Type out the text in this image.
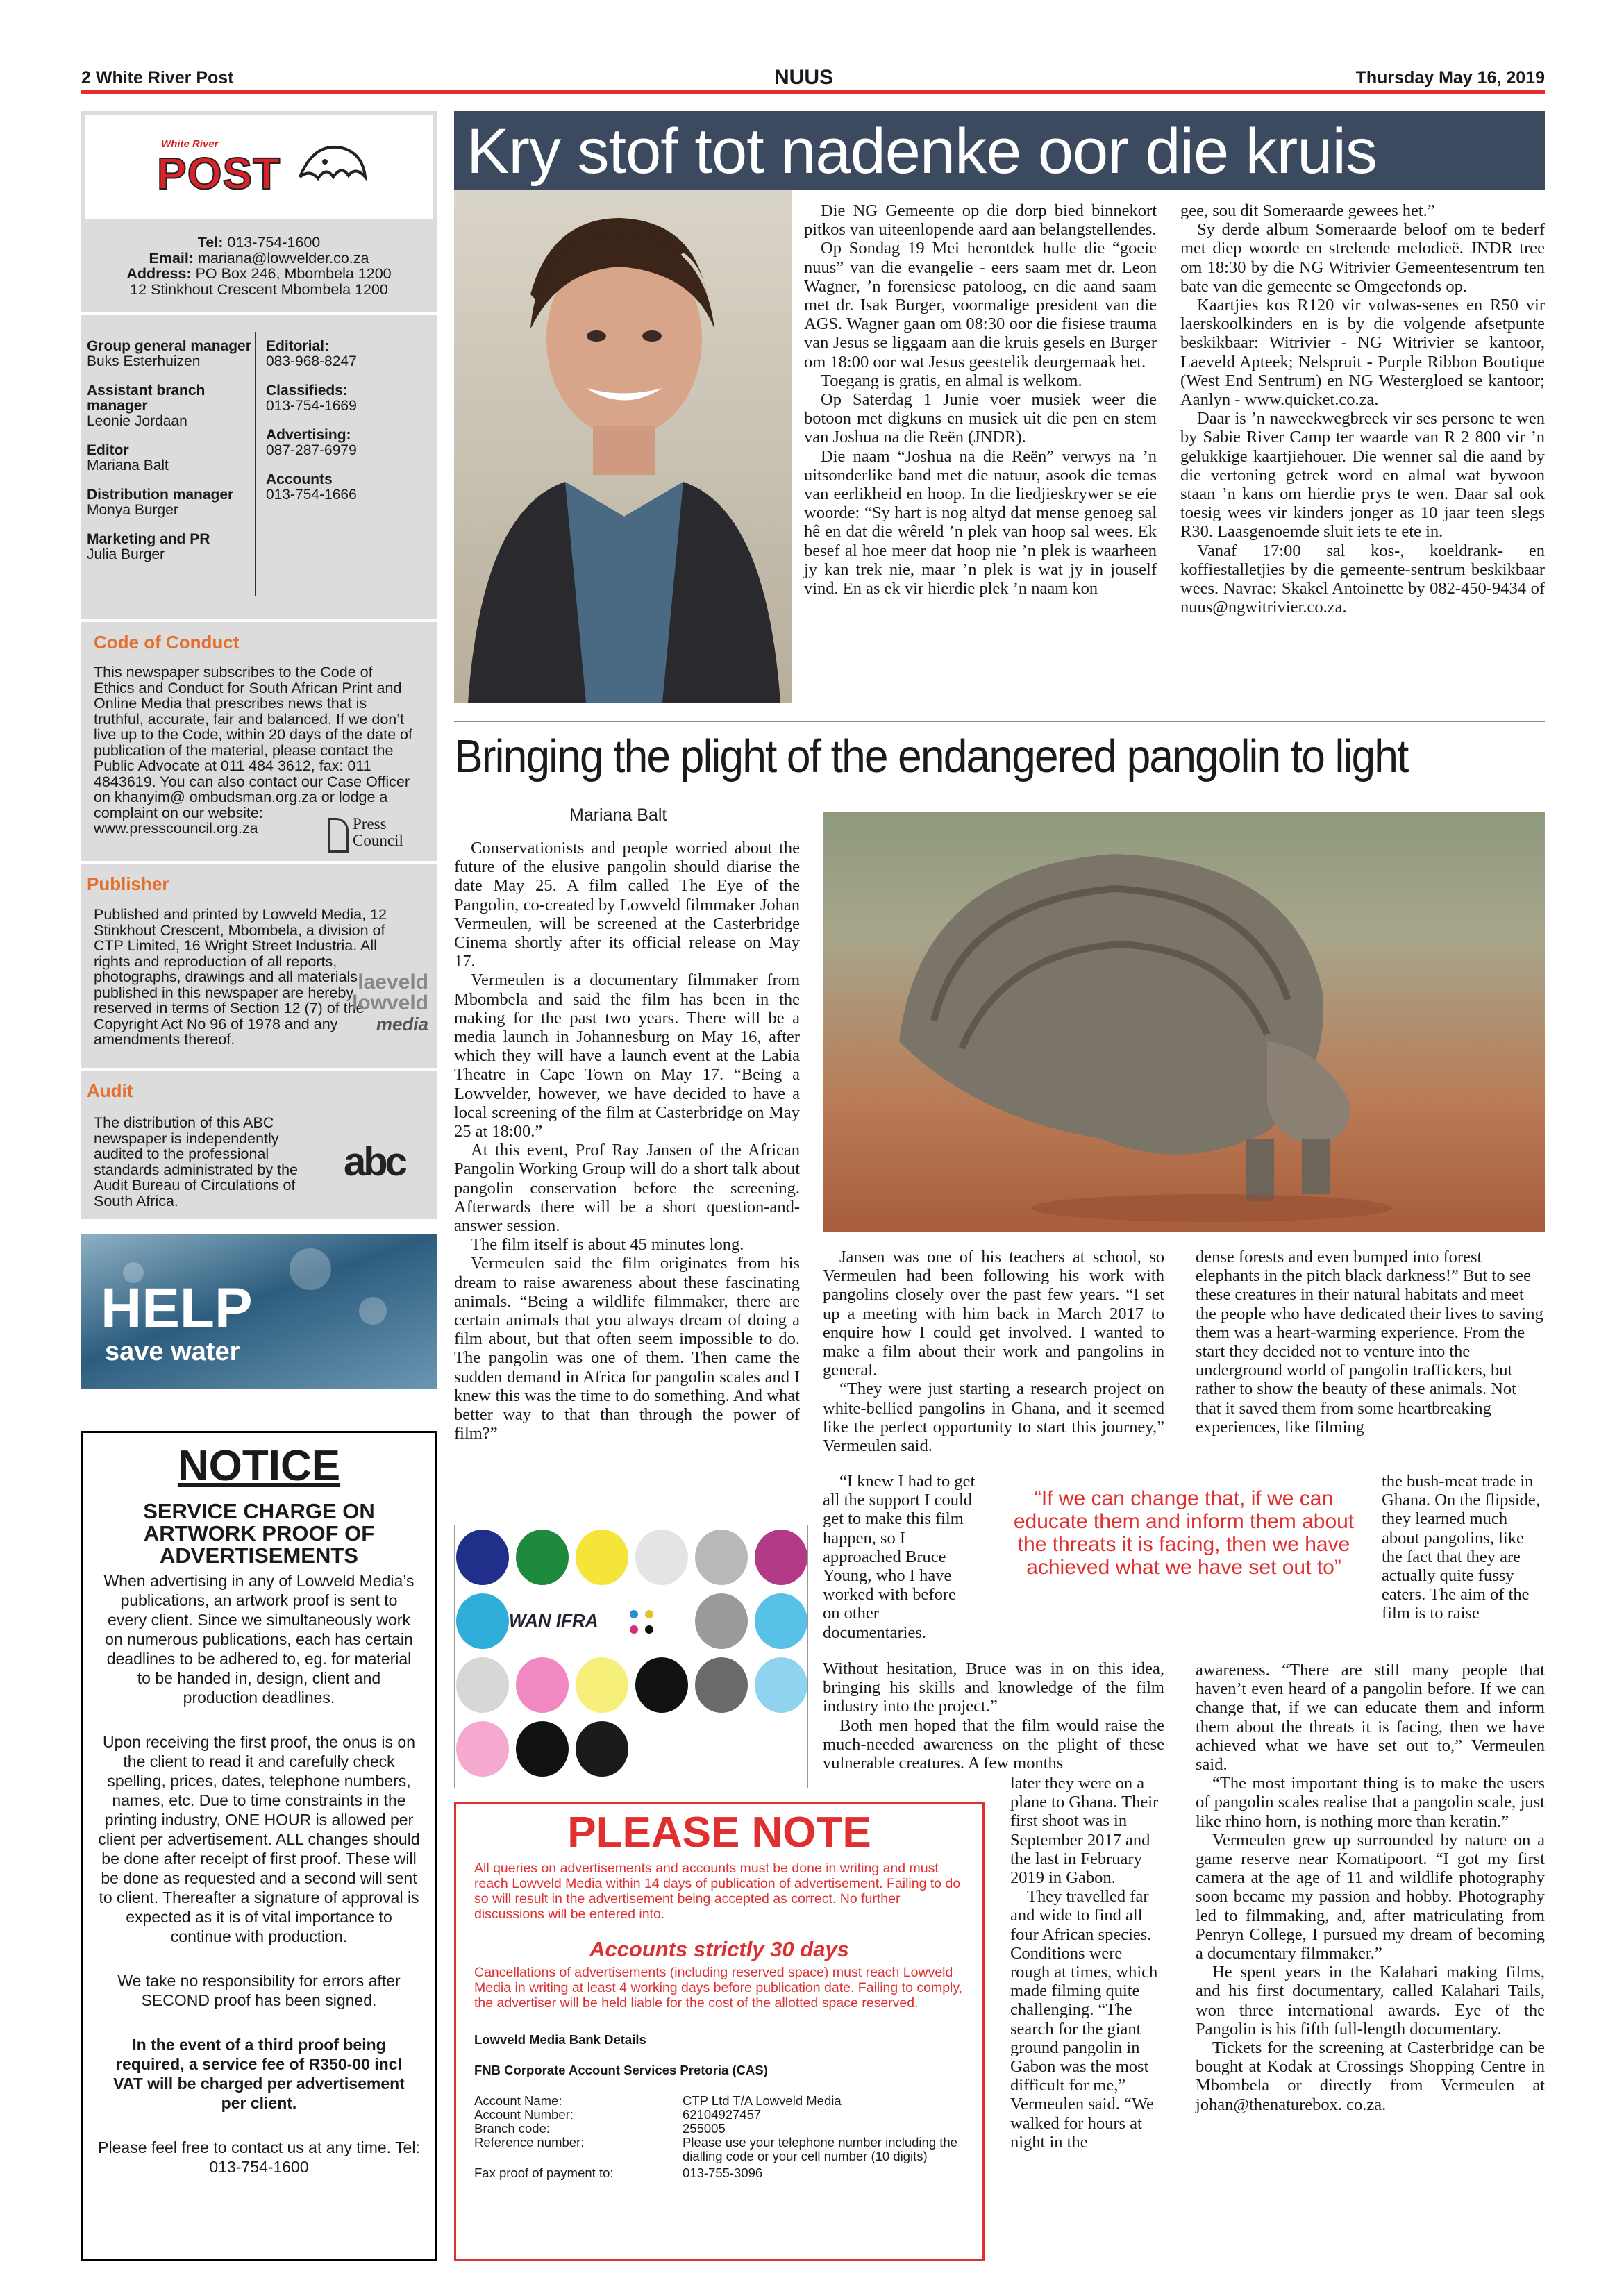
2 White River Post	NUUS	Thursday May 16, 2019
White River
POST

Tel: 013-754-1600

Email: mariana@lowvelder.co.za

Address: PO Box 246, Mbombela 1200

12 Stinkhout Crescent Mbombela 1200

Group general manager
Buks Esterhuizen
Assistant branch manager
Leonie Jordaan
Editor
Mariana Balt
Distribution manager
Monya Burger
Marketing and PR
Julia Burger
Editorial:
083-968-8247
Classifieds:
013-754-1669
Advertising:
087-287-6979
Accounts
013-754-1666
Code of Conduct

This newspaper subscribes to the Code of Ethics and Conduct for South African Print and Online Media that prescribes news that is truthful, accurate, fair and balanced. If we don’t live up to the Code, within 20 days of the date of publication of the material, please contact the Public Advocate at 011 484 3612, fax: 011 4843619. You can also contact our Case Officer on khanyim@ ombudsman.org.za or lodge a complaint on our website: www.presscouncil.org.za	Press
Council
Publisher

Published and printed by Lowveld Media, 12 Stinkhout Crescent, Mbombela, a division of CTP Limited, 16 Wright Street Industria. All rights and reproduction of all reports, photographs, drawings and all materials published in this newspaper are hereby reserved in terms of Section 12 (7) of the Copyright Act No 96 of 1978 and any amendments thereof.

laeveld
lowveld
media
Audit

The distribution of this ABC newspaper is independently audited to the professional standards administrated by the Audit Bureau of Circulations of South Africa.

abc
HELP
save water
NOTICE
SERVICE CHARGE ON ARTWORK PROOF OF ADVERTISEMENTS

When advertising in any of Lowveld Media’s publications, an artwork proof is sent to every client. Since we simultaneously work on numerous publications, each has certain deadlines to be adhered to, eg. for material to be handed in, design, client and production deadlines.

Upon receiving the first proof, the onus is on the client to read it and carefully check spelling, prices, dates, telephone numbers, names, etc. Due to time constraints in the printing industry, ONE HOUR is allowed per client per advertisement. ALL changes should be done after receipt of first proof. These will be done as requested and a second will sent to client. Thereafter a signature of approval is expected as it is of vital importance to continue with production.

We take no responsibility for errors after SECOND proof has been signed.

In the event of a third proof being required, a service fee of R350-00 incl VAT will be charged per advertisement per client.

Please feel free to contact us at any time. Tel: 013-754-1600

Kry stof tot nadenke oor die kruis

Die NG Gemeente op die dorp bied binnekort pitkos van uiteenlopende aard aan belangstellendes.

Op Sondag 19 Mei herontdek hulle die “goeie nuus” van die evangelie - eers saam met dr. Leon Wagner, ’n forensiese patoloog, en die aand saam met dr. Isak Burger, voormalige president van die AGS. Wagner gaan om 08:30 oor die fisiese trauma van Jesus se liggaam aan die kruis gesels en Burger om 18:00 oor wat Jesus geestelik deurgemaak het.

Toegang is gratis, en almal is welkom.

Op Saterdag 1 Junie voer musiek weer die botoon met digkuns en musiek uit die pen en stem van Joshua na die Reën (JNDR).

Die naam “Joshua na die Reën” verwys na ’n uitsonderlike band met die natuur, asook die temas van eerlikheid en hoop. In die liedjieskrywer se eie woorde: “Sy hart is nog altyd dat mense genoeg sal hê en dat die wêreld ’n plek van hoop sal wees. Ek besef al hoe meer dat hoop nie ’n plek is waarheen jy kan trek nie, maar ’n plek is wat jy in jouself vind. En as ek vir hierdie plek ’n naam kon

gee, sou dit Someraarde gewees het.”

Sy derde album Someraarde beloof om te bederf met diep woorde en strelende melodieë. JNDR tree om 18:30 by die NG Witrivier Gemeentesentrum ten bate van die gemeente se Omgeefonds op.

Kaartjies kos R120 vir volwas-senes en R50 vir laerskoolkinders en is by die volgende afsetpunte beskikbaar: Witrivier - NG Witrivier se kantoor, Laeveld Apteek; Nelspruit - Purple Ribbon Boutique (West End Sentrum) en NG Westergloed se kantoor; Aanlyn - www.quicket.co.za.

Daar is ’n naweekwegbreek vir ses persone te wen by Sabie River Camp ter waarde van R 2 800 vir ’n gelukkige kaartjiehouer. Die wenner sal die aand by die vertoning getrek word en almal wat bywoon staan ’n kans om hierdie prys te wen. Daar sal ook toesig wees vir kinders jonger as 10 jaar teen slegs R30. Laasgenoemde sluit iets te ete in.

Vanaf 17:00 sal kos-, koeldrank- en koffiestalletjies by die gemeente-sentrum beskikbaar wees. Navrae: Skakel Antoinette by 082-450-9434 of nuus@ngwitrivier.co.za.

Bringing the plight of the endangered pangolin to light
Mariana Balt

Conservationists and people worried about the future of the elusive pangolin should diarise the date May 25. A film called The Eye of the Pangolin, co-created by Lowveld filmmaker Johan Vermeulen, will be screened at the Casterbridge Cinema shortly after its official release on May 17.

Vermeulen is a documentary filmmaker from Mbombela and said the film has been in the making for the past two years. There will be a media launch in Johannesburg on May 16, after which they will have a launch event at the Labia Theatre in Cape Town on May 17. “Being a Lowvelder, however, we have decided to have a local screening of the film at Casterbridge on May 25 at 18:00.”

At this event, Prof Ray Jansen of the African Pangolin Working Group will do a short talk about pangolin conservation before the screening. Afterwards there will be a short question-and-answer session.

The film itself is about 45 minutes long.

Vermeulen said the film originates from his dream to raise awareness about these fascinating animals. “Being a wildlife filmmaker, there are certain animals that you always dream of doing a film about, but that often seem impossible to do. The pangolin was one of them. Then came the sudden demand in Africa for pangolin scales and I knew this was the time to do something. And what better way to that than through the power of film?”

Jansen was one of his teachers at school, so Vermeulen had been following his work with pangolins closely over the past few years. “I set up a meeting with him back in March 2017 to enquire how I could get involved. I wanted to make a film about their work and pangolins in general.

“They were just starting a research project on white-bellied pangolins in Ghana, and it seemed like the perfect opportunity to start this journey,” Vermeulen said.

“I knew I had to get all the support I could get to make this film happen, so I approached Bruce Young, who I have worked with before on other documentaries.

Without hesitation, Bruce was in on this idea, bringing his skills and knowledge of the film industry into the project.”

Both men hoped that the film would raise the much-needed awareness on the plight of these vulnerable creatures. A few months

later they were on a plane to Ghana. Their first shoot was in September 2017 and the last in February 2019 in Gabon.

They travelled far and wide to find all four African species. Conditions were rough at times, which made filming quite challenging. “The search for the giant ground pangolin in Gabon was the most difficult for me,” Vermeulen said. “We walked for hours at night in the

“If we can change that, if we can educate them and inform them about the threats it is facing, then we have achieved what we have set out to”

dense forests and even bumped into forest elephants in the pitch black darkness!” But to see these creatures in their natural habitats and meet the people who have dedicated their lives to saving them was a heart-warming experience. From the start they decided not to venture into the underground world of pangolin traffickers, but rather to show the beauty of these animals. Not that it saved them from some heartbreaking experiences, like filming

the bush-meat trade in Ghana. On the flipside, they learned much about pangolins, like the fact that they are actually quite fussy eaters. The aim of the film is to raise

awareness. “There are still many people that haven’t even heard of a pangolin before. If we can change that, if we can educate them and inform them about the threats it is facing, then we have achieved what we have set out to,” Vermeulen said.

“The most important thing is to make the users of pangolin scales realise that a pangolin scale, just like rhino horn, is nothing more than keratin.”

Vermeulen grew up surrounded by nature on a game reserve near Komatipoort. “I got my first camera at the age of 11 and wildlife photography soon became my passion and hobby. Photography led to filmmaking, and, after matriculating from Penryn College, I pursued my dream of becoming a documentary filmmaker.”

He spent years in the Kalahari making films, and his first documentary, called Kalahari Tails, won three international awards. Eye of the Pangolin is his fifth full-length documentary.

Tickets for the screening at Casterbridge can be bought at Kodak at Crossings Shopping Centre in Mbombela or directly from Vermeulen at johan@thenaturebox. co.za.

WAN IFRA
PLEASE NOTE

All queries on advertisements and accounts must be done in writing and must reach Lowveld Media within 14 days of publication of advertisement. Failing to do so will result in the advertisement being accepted as correct. No further discussions will be entered into.

Accounts strictly 30 days

Cancellations of advertisements (including reserved space) must reach Lowveld Media in writing at least 4 working days before publication date. Failing to comply, the advertiser will be held liable for the cost of the allotted space reserved.

Lowveld Media Bank Details
FNB Corporate Account Services Pretoria (CAS)
Account Name:	CTP Ltd T/A Lowveld Media
Account Number:	62104927457
Branch code:	255005
Reference number:	Please use your telephone number including the dialling code or your cell number (10 digits)
Fax proof of payment to:	013-755-3096
